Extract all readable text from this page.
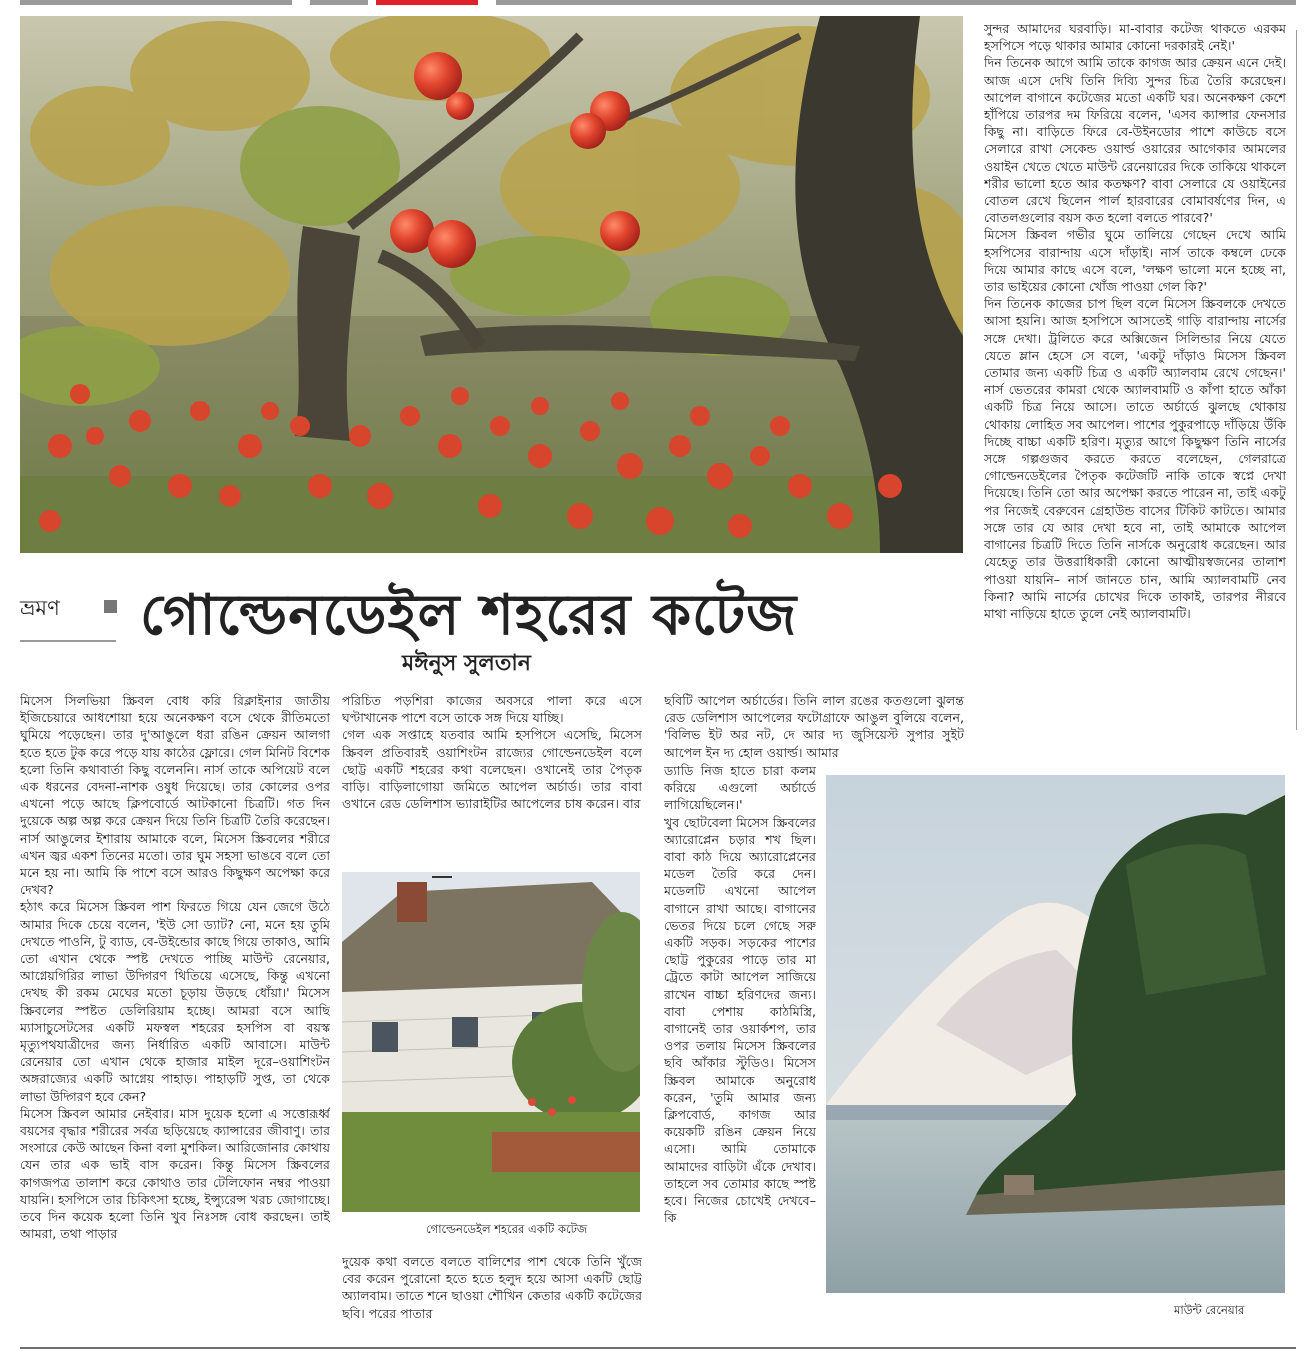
ভ্রমণ গোল্ডেনডেইল শহরের কটেজ
মঈনুস সুলতান

মিসেস সিলভিয়া স্ক্রিবল বোধ করি রিক্লাইনার জাতীয় ইজিচেয়ারে আধশোয়া হয়ে অনেকক্ষণ বসে থেকে রীতিমতো ঘুমিয়ে পড়েছেন। তার দু'আঙুলে ধরা রঙিন ক্রেয়ন আলগা হতে হতে টুক করে পড়ে যায় কাঠের ফ্লোরে। গেল মিনিট বিশেক হলো তিনি কথাবার্তা কিছু বলেননি। নার্স তাকে অপিয়েট বলে এক ধরনের বেদনা-নাশক ওষুধ দিয়েছে। তার কোলের ওপর এখনো পড়ে আছে ক্লিপবোর্ডে আটকানো চিত্রটি। গত দিন দুয়েকে অল্প অল্প করে ক্রেয়ন দিয়ে তিনি চিত্রটি তৈরি করেছেন। নার্স আঙুলের ইশারায় আমাকে বলে, মিসেস স্ক্রিবলের শরীরে এখন জ্বর একশ তিনের মতো। তার ঘুম সহসা ভাঙবে বলে তো মনে হয় না। আমি কি পাশে বসে আরও কিছুক্ষণ অপেক্ষা করে দেখব?

হঠাৎ করে মিসেস স্ক্রিবল পাশ ফিরতে গিয়ে যেন জেগে উঠে আমার দিকে চেয়ে বলেন, 'ইউ সো ড্যাট? নো, মনে হয় তুমি দেখতে পাওনি, টু ব্যাড, বে-উইন্ডোর কাছে গিয়ে তাকাও, আমি তো এখান থেকে স্পষ্ট দেখতে পাচ্ছি মাউন্ট রেনেয়ার, আগ্নেয়গিরির লাভা উদ্গিরণ থিতিয়ে এসেছে, কিন্তু এখনো দেখছ কী রকম মেঘের মতো চূড়ায় উড়ছে ধোঁয়া।' মিসেস স্ক্রিবলের স্পষ্টত ডেলিরিয়াম হচ্ছে। আমরা বসে আছি ম্যাসাচুসেটসের একটি মফস্বল শহরের হসপিস বা বয়স্ক মৃত্যুপথযাত্রীদের জন্য নির্ধারিত একটি আবাসে। মাউন্ট রেনেয়ার তো এখান থেকে হাজার মাইল দূরে–ওয়াশিংটন অঙ্গরাজ্যের একটি আগ্নেয় পাহাড়। পাহাড়টি সুপ্ত, তা থেকে লাভা উদ্গিরণ হবে কেন?

মিসেস স্ক্রিবল আমার নেইবার। মাস দুয়েক হলো এ সত্তোরূর্ধ্ব বয়সের বৃদ্ধার শরীরের সর্বত্র ছড়িয়েছে ক্যান্সারের জীবাণু। তার সংসারে কেউ আছেন কিনা বলা মুশকিল। আরিজোনার কোথায় যেন তার এক ভাই বাস করেন। কিন্তু মিসেস স্ক্রিবলের কাগজপত্র তালাশ করে কোথাও তার টেলিফোন নম্বর পাওয়া যায়নি। হসপিসে তার চিকিৎসা হচ্ছে, ইন্স্যুরেন্স খরচ জোগাচ্ছে। তবে দিন কয়েক হলো তিনি খুব নিঃসঙ্গ বোধ করছেন। তাই আমরা, তথা পাড়ার

পরিচিত পড়শিরা কাজের অবসরে পালা করে এসে ঘণ্টাখানেক পাশে বসে তাকে সঙ্গ দিয়ে যাচ্ছি।

গেল এক সপ্তাহে যতবার আমি হসপিসে এসেছি, মিসেস স্ক্রিবল প্রতিবারই ওয়াশিংটন রাজ্যের গোল্ডেনডেইল বলে ছোট্ট একটি শহরের কথা বলেছেন। ওখানেই তার পৈতৃক বাড়ি। বাড়িলাগোয়া জমিতে আপেল অর্চার্ড। তার বাবা ওখানে রেড ডেলিশাস ভ্যারাইটির আপেলের চাষ করেন। বার

গোল্ডেনডেইল শহরের একটি কটেজ

দুয়েক কথা বলতে বলতে বালিশের পাশ থেকে তিনি খুঁজে বের করেন পুরোনো হতে হতে হলুদ হয়ে আসা একটি ছোট্ট অ্যালবাম। তাতে শনে ছাওয়া শৌখিন কেতার একটি কটেজের ছবি। পরের পাতার

ছবিটি আপেল অর্চার্ডের। তিনি লাল রঙের কতগুলো ঝুলন্ত রেড ডেলিশাস আপেলের ফটোগ্রাফে আঙুল বুলিয়ে বলেন, 'বিলিভ ইট অর নট, দে আর দ্য জুসিয়েস্ট সুপার সুইট আপেল ইন দ্য হোল ওয়ার্ল্ড। আমার

ড্যাডি নিজ হাতে চারা কলম করিয়ে এগুলো অর্চার্ডে লাগিয়েছিলেন।'

খুব ছোটবেলা মিসেস স্ক্রিবলের অ্যারোপ্লেন চড়ার শখ ছিল। বাবা কাঠ দিয়ে অ্যারোপ্লেনের মডেল তৈরি করে দেন। মডেলটি এখনো আপেল বাগানে রাখা আছে। বাগানের ভেতর দিয়ে চলে গেছে সরু একটি সড়ক। সড়কের পাশের ছোট্ট পুকুরের পাড়ে তার মা ট্রেতে কাটা আপেল সাজিয়ে রাখেন বাচ্চা হরিণদের জন্য। বাবা পেশায় কাঠমিস্ত্রি, বাগানেই তার ওয়ার্কশপ, তার ওপর তলায় মিসেস স্ক্রিবলের ছবি আঁকার স্টুডিও। মিসেস স্ক্রিবল আমাকে অনুরোধ করেন, 'তুমি আমার জন্য ক্লিপবোর্ড, কাগজ আর কয়েকটি রঙিন ক্রেয়ন নিয়ে এসো। আমি তোমাকে আমাদের বাড়িটা এঁকে দেখাব। তাহলে সব তোমার কাছে স্পষ্ট হবে। নিজের চোখেই দেখবে– কি

সুন্দর আমাদের ঘরবাড়ি। মা-বাবার কটেজ থাকতে এরকম হসপিসে পড়ে থাকার আমার কোনো দরকারই নেই।'

দিন তিনেক আগে আমি তাকে কাগজ আর ক্রেয়ন এনে দেই। আজ এসে দেখি তিনি দিব্যি সুন্দর চিত্র তৈরি করেছেন। আপেল বাগানে কটেজের মতো একটি ঘর। অনেকক্ষণ কেশে হাঁপিয়ে তারপর দম ফিরিয়ে বলেন, 'এসব ক্যান্সার ফেনসার কিছু না। বাড়িতে ফিরে বে-উইনডোর পাশে কাউচে বসে সেলারে রাখা সেকেন্ড ওয়ার্ল্ড ওয়ারের আগেকার আমলের ওয়াইন খেতে খেতে মাউন্ট রেনেয়ারের দিকে তাকিয়ে থাকলে শরীর ভালো হতে আর কতক্ষণ? বাবা সেলারে যে ওয়াইনের বোতল রেখে ছিলেন পার্ল হারবারের বোমাবর্ষণের দিন, এ বোতলগুলোর বয়স কত হলো বলতে পারবে?'

মিসেস স্ক্রিবল গভীর ঘুমে তালিয়ে গেছেন দেখে আমি হসপিসের বারান্দায় এসে দাঁড়াই। নার্স তাকে কম্বলে ঢেকে দিয়ে আমার কাছে এসে বলে, 'লক্ষণ ভালো মনে হচ্ছে না, তার ভাইয়ের কোনো খোঁজ পাওয়া গেল কি?'

দিন তিনেক কাজের চাপ ছিল বলে মিসেস স্ক্রিবলকে দেখতে আসা হয়নি। আজ হসপিসে আসতেই গাড়ি বারান্দায় নার্সের সঙ্গে দেখা। ট্রলিতে করে অক্সিজেন সিলিন্ডার নিয়ে যেতে যেতে ম্লান হেসে সে বলে, 'একটু দাঁড়াও মিসেস স্ক্রিবল তোমার জন্য একটি চিত্র ও একটি অ্যালবাম রেখে গেছেন।' নার্স ভেতরের কামরা থেকে অ্যালবামটি ও কাঁপা হাতে আঁকা একটি চিত্র নিয়ে আসে। তাতে অর্চার্ডে ঝুলছে থোকায় থোকায় লোহিত সব আপেল। পাশের পুকুরপাড়ে দাঁড়িয়ে উঁকি দিচ্ছে বাচ্চা একটি হরিণ। মৃত্যুর আগে কিছুক্ষণ তিনি নার্সের সঙ্গে গল্পগুজব করতে করতে বলেছেন, গেলরাত্রে গোল্ডেনডেইলের পৈতৃক কটেজটি নাকি তাকে স্বপ্নে দেখা দিয়েছে। তিনি তো আর অপেক্ষা করতে পারেন না, তাই একটু পর নিজেই বেরুবেন গ্রেহাউন্ড বাসের টিকিট কাটতে। আমার সঙ্গে তার যে আর দেখা হবে না, তাই আমাকে আপেল বাগানের চিত্রটি দিতে তিনি নার্সকে অনুরোধ করেছেন। আর যেহেতু তার উত্তরাধিকারী কোনো আত্মীয়স্বজনের তালাশ পাওয়া যায়নি– নার্স জানতে চান, আমি অ্যালবামটি নেব কিনা? আমি নার্সের চোখের দিকে তাকাই, তারপর নীরবে মাথা নাড়িয়ে হাতে তুলে নেই অ্যালবামটি।

মাউন্ট রেনেয়ার
